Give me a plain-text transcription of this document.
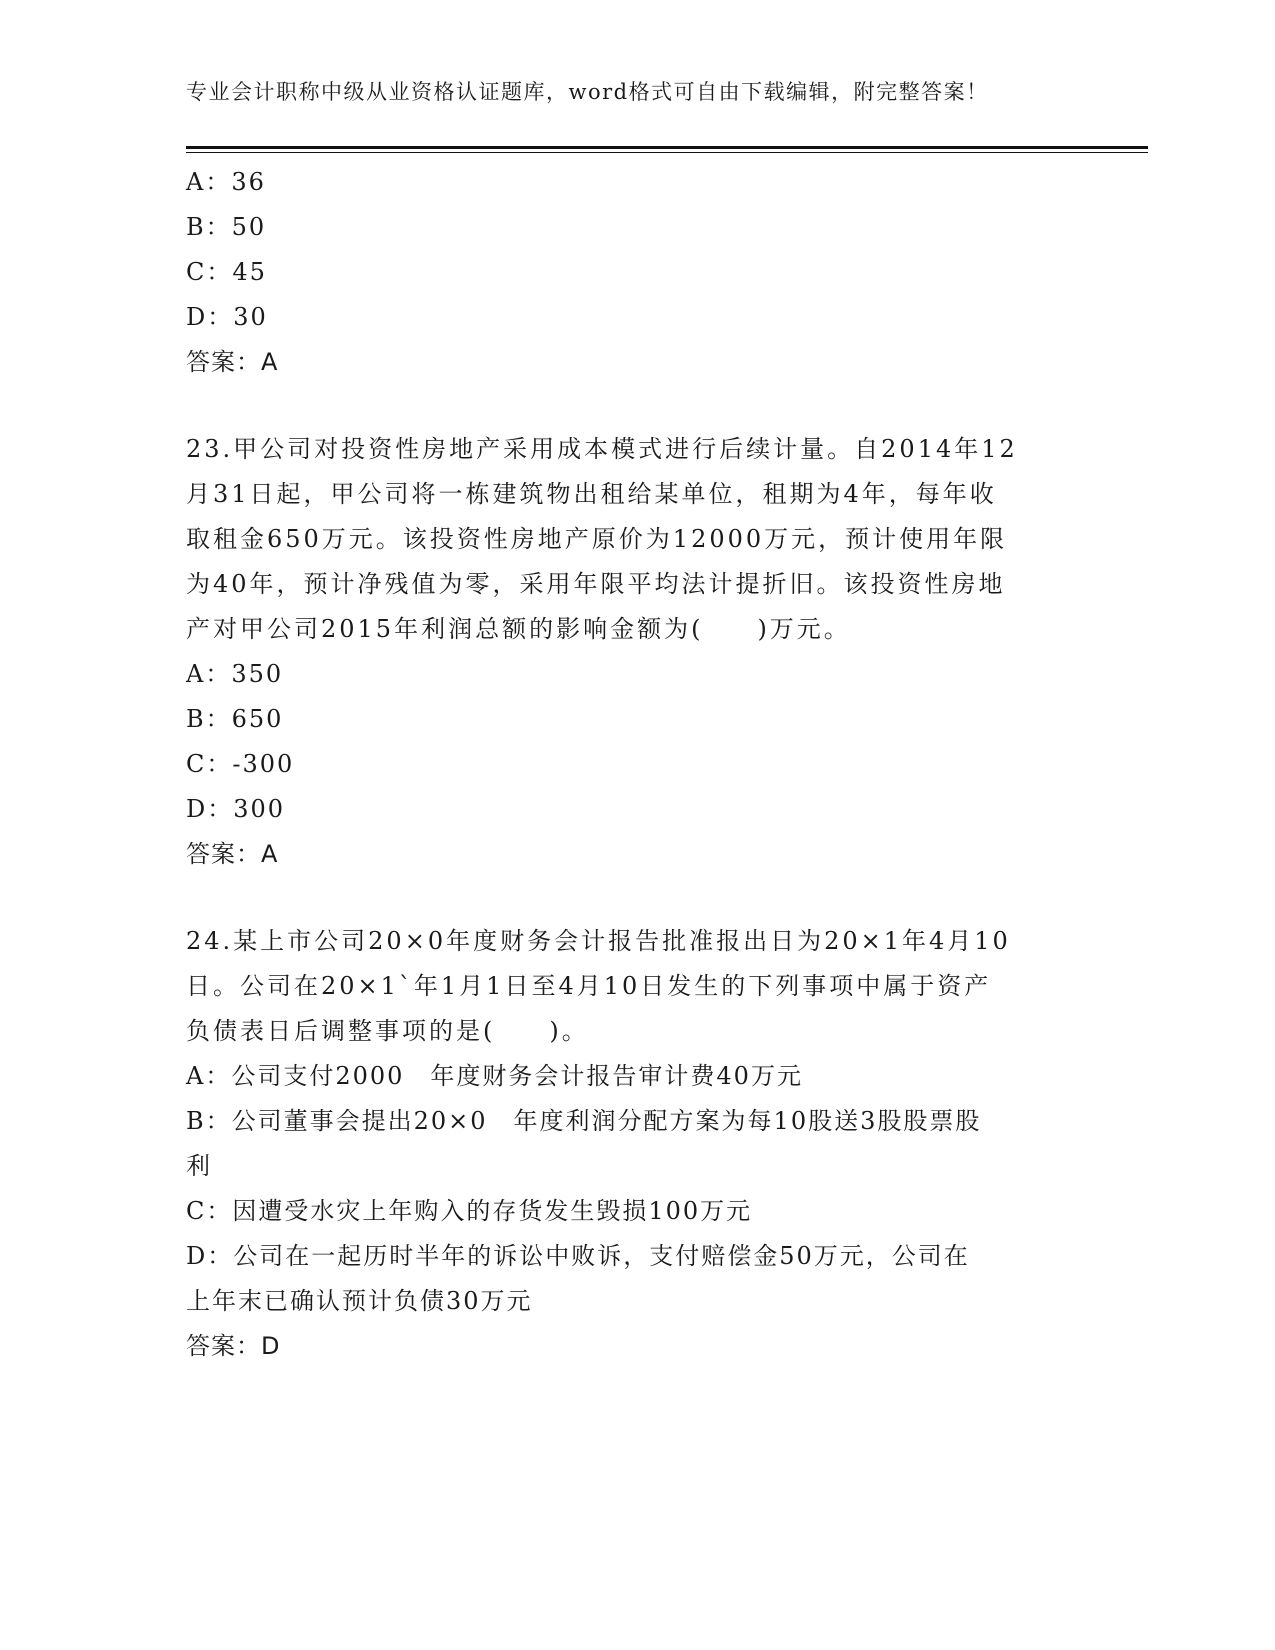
专业会计职称中级从业资格认证题库，word格式可自由下载编辑，附完整答案！
A：36
B：50
C：45
D：30
答案：A
23.甲公司对投资性房地产采用成本模式进行后续计量。自2014年12
月31日起，甲公司将一栋建筑物出租给某单位，租期为4年，每年收
取租金650万元。该投资性房地产原价为12000万元，预计使用年限
为40年，预计净残值为零，采用年限平均法计提折旧。该投资性房地
产对甲公司2015年利润总额的影响金额为(　　)万元。
A：350
B：650
C：-300
D：300
答案：A
24.某上市公司20×0年度财务会计报告批准报出日为20×1年4月10
日。公司在20×1`年1月1日至4月10日发生的下列事项中属于资产
负债表日后调整事项的是(　　)。
A：公司支付2000　年度财务会计报告审计费40万元
B：公司董事会提出20×0　年度利润分配方案为每10股送3股股票股
利
C：因遭受水灾上年购入的存货发生毁损100万元
D：公司在一起历时半年的诉讼中败诉，支付赔偿金50万元，公司在
上年末已确认预计负债30万元
答案：D
